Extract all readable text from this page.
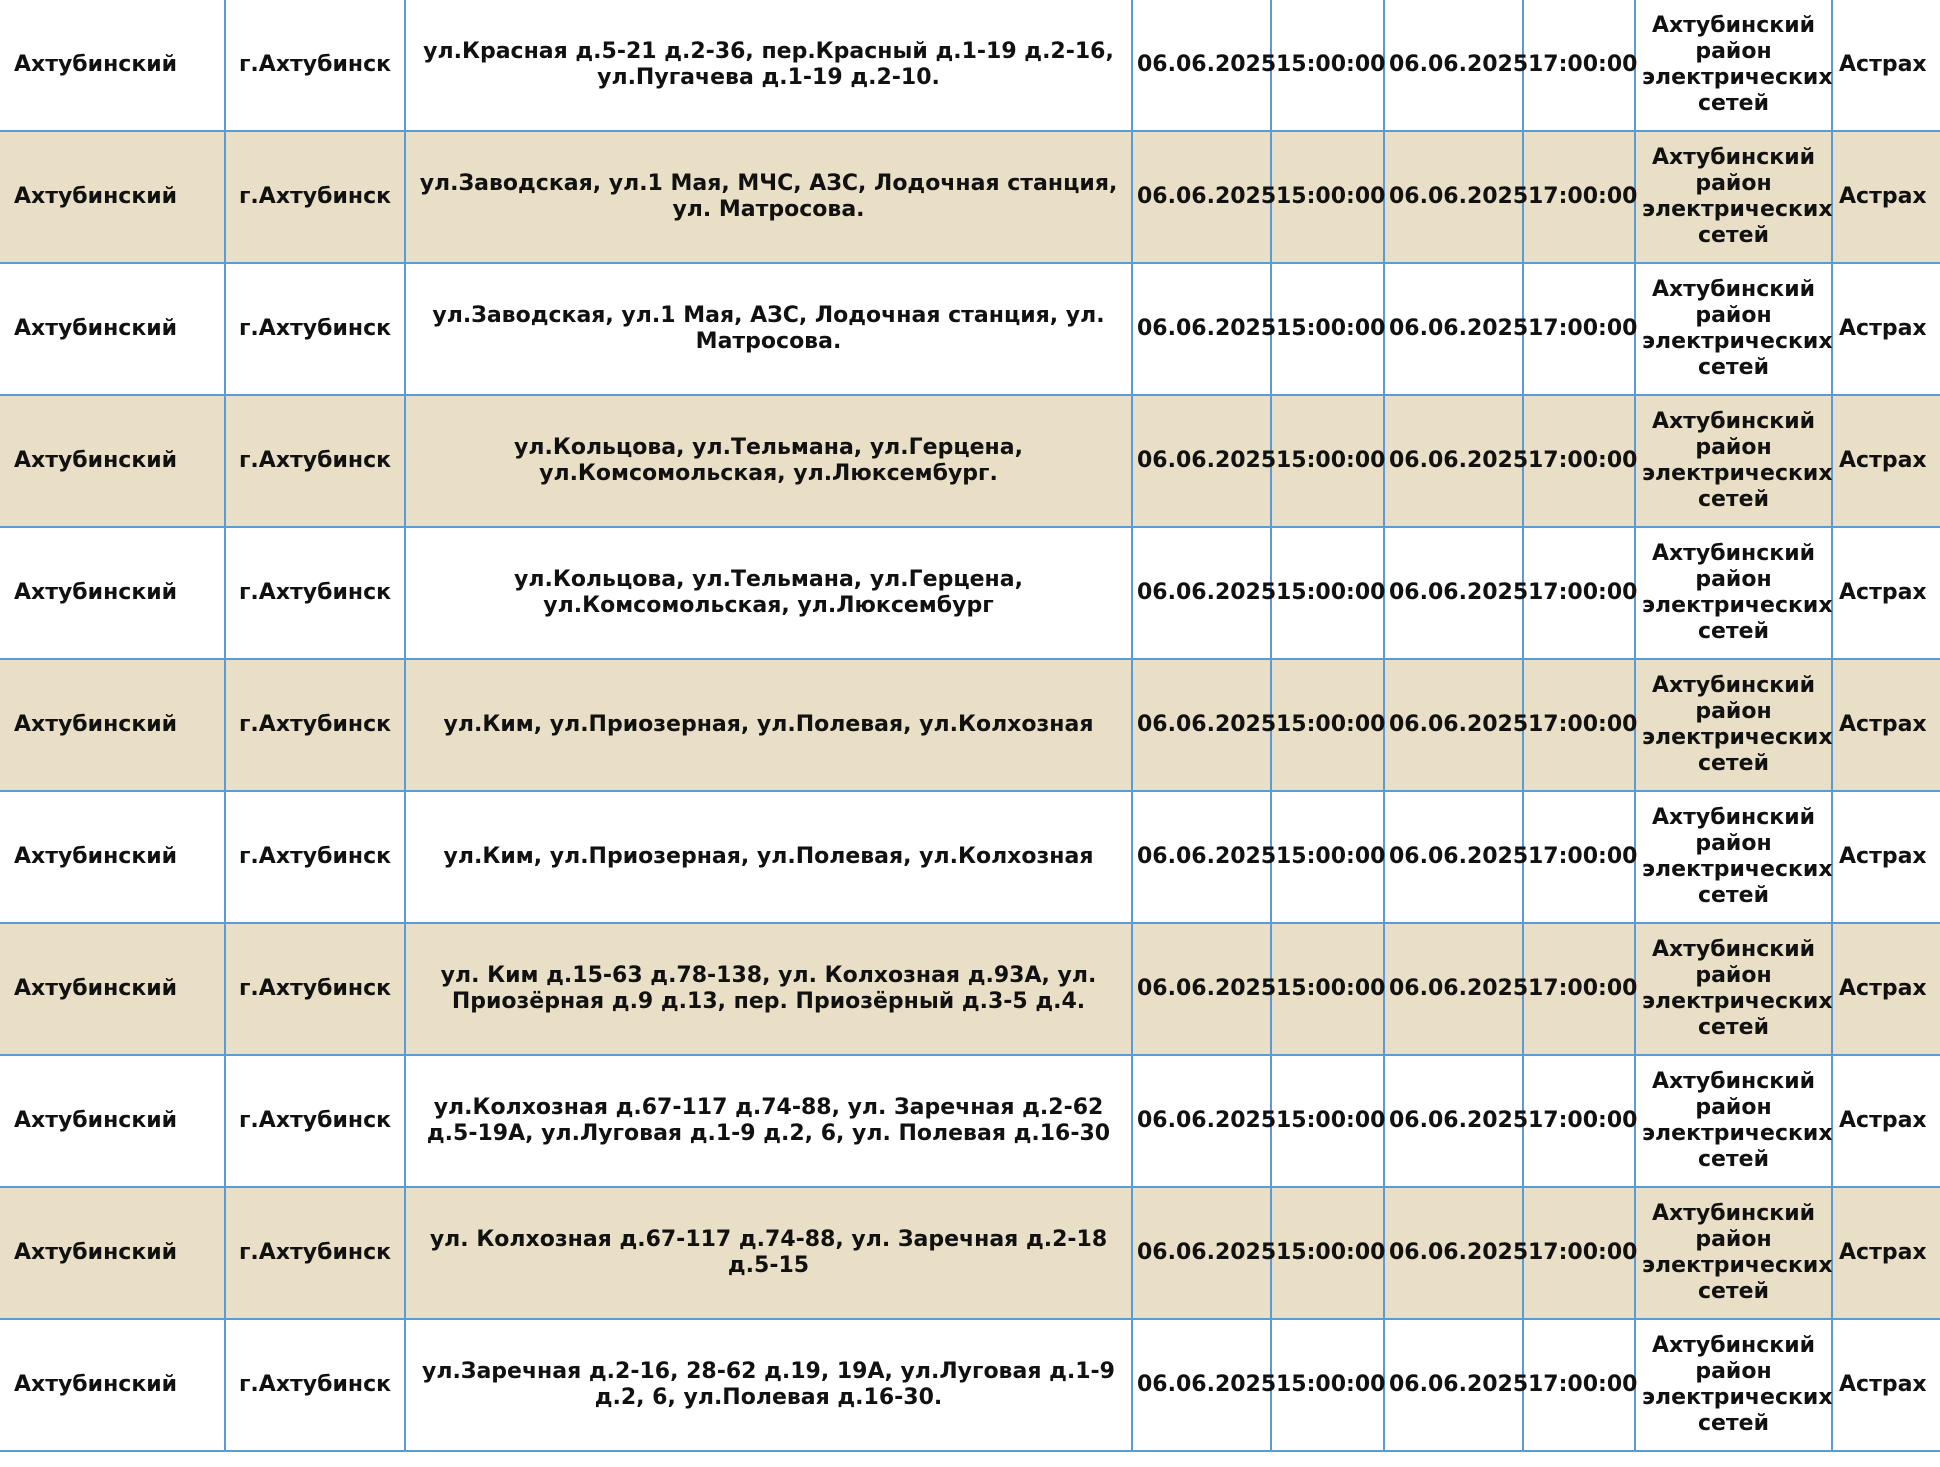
Ахтубинский	г.Ахтубинск	ул.Красная д.5-21 д.2-36, пер.Красный д.1-19 д.2-16, ул.Пугачева д.1-19 д.2-10.	06.06.2025	15:00:00	06.06.2025	17:00:00	Ахтубинский район электрических сетей	Астрах
Ахтубинский	г.Ахтубинск	ул.Заводская, ул.1 Мая, МЧС, АЗС, Лодочная станция, ул. Матросова.	06.06.2025	15:00:00	06.06.2025	17:00:00	Ахтубинский район электрических сетей	Астрах
Ахтубинский	г.Ахтубинск	ул.Заводская, ул.1 Мая, АЗС, Лодочная станция, ул. Матросова.	06.06.2025	15:00:00	06.06.2025	17:00:00	Ахтубинский район электрических сетей	Астрах
Ахтубинский	г.Ахтубинск	ул.Кольцова, ул.Тельмана, ул.Герцена, ул.Комсомольская, ул.Люксембург.	06.06.2025	15:00:00	06.06.2025	17:00:00	Ахтубинский район электрических сетей	Астрах
Ахтубинский	г.Ахтубинск	ул.Кольцова, ул.Тельмана, ул.Герцена, ул.Комсомольская, ул.Люксембург	06.06.2025	15:00:00	06.06.2025	17:00:00	Ахтубинский район электрических сетей	Астрах
Ахтубинский	г.Ахтубинск	ул.Ким, ул.Приозерная, ул.Полевая, ул.Колхозная	06.06.2025	15:00:00	06.06.2025	17:00:00	Ахтубинский район электрических сетей	Астрах
Ахтубинский	г.Ахтубинск	ул.Ким, ул.Приозерная, ул.Полевая, ул.Колхозная	06.06.2025	15:00:00	06.06.2025	17:00:00	Ахтубинский район электрических сетей	Астрах
Ахтубинский	г.Ахтубинск	ул. Ким д.15-63 д.78-138, ул. Колхозная д.93А, ул. Приозёрная д.9 д.13, пер. Приозёрный д.3-5 д.4.	06.06.2025	15:00:00	06.06.2025	17:00:00	Ахтубинский район электрических сетей	Астрах
Ахтубинский	г.Ахтубинск	ул.Колхозная д.67-117 д.74-88, ул. Заречная д.2-62 д.5-19А, ул.Луговая д.1-9 д.2, 6, ул. Полевая д.16-30	06.06.2025	15:00:00	06.06.2025	17:00:00	Ахтубинский район электрических сетей	Астрах
Ахтубинский	г.Ахтубинск	ул. Колхозная д.67-117 д.74-88, ул. Заречная д.2-18 д.5-15	06.06.2025	15:00:00	06.06.2025	17:00:00	Ахтубинский район электрических сетей	Астрах
Ахтубинский	г.Ахтубинск	ул.Заречная д.2-16, 28-62 д.19, 19А, ул.Луговая д.1-9 д.2, 6, ул.Полевая д.16-30.	06.06.2025	15:00:00	06.06.2025	17:00:00	Ахтубинский район электрических сетей	Астрах
